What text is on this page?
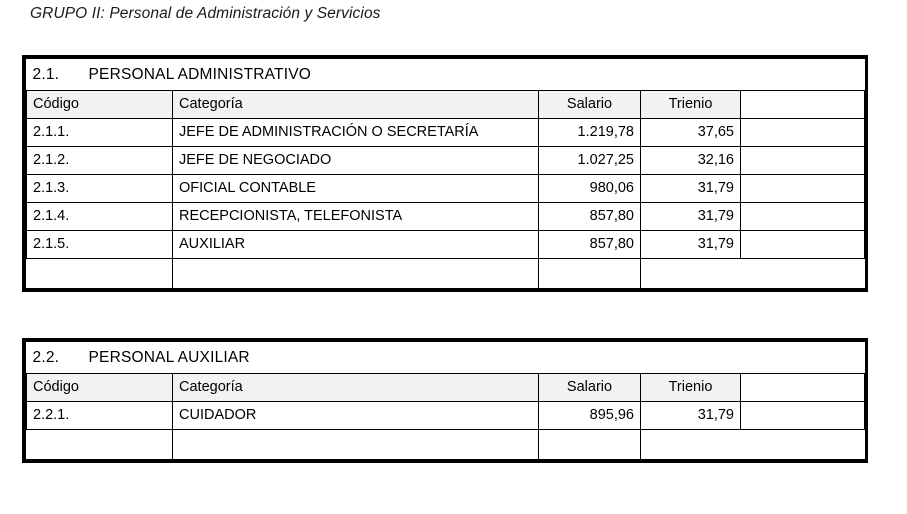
GRUPO II: Personal de Administración y Servicios
2.1. PERSONAL ADMINISTRATIVO				
Código	Categoría	Salario	Trienio	
2.1.1.	JEFE DE ADMINISTRACIÓN O SECRETARÍA	1.219,78	37,65	
2.1.2.	JEFE DE NEGOCIADO	1.027,25	32,16	
2.1.3.	OFICIAL CONTABLE	980,06	31,79	
2.1.4.	RECEPCIONISTA, TELEFONISTA	857,80	31,79	
2.1.5.	AUXILIAR	857,80	31,79	

2.2. PERSONAL AUXILIAR				
Código	Categoría	Salario	Trienio	
2.2.1.	CUIDADOR	895,96	31,79	
